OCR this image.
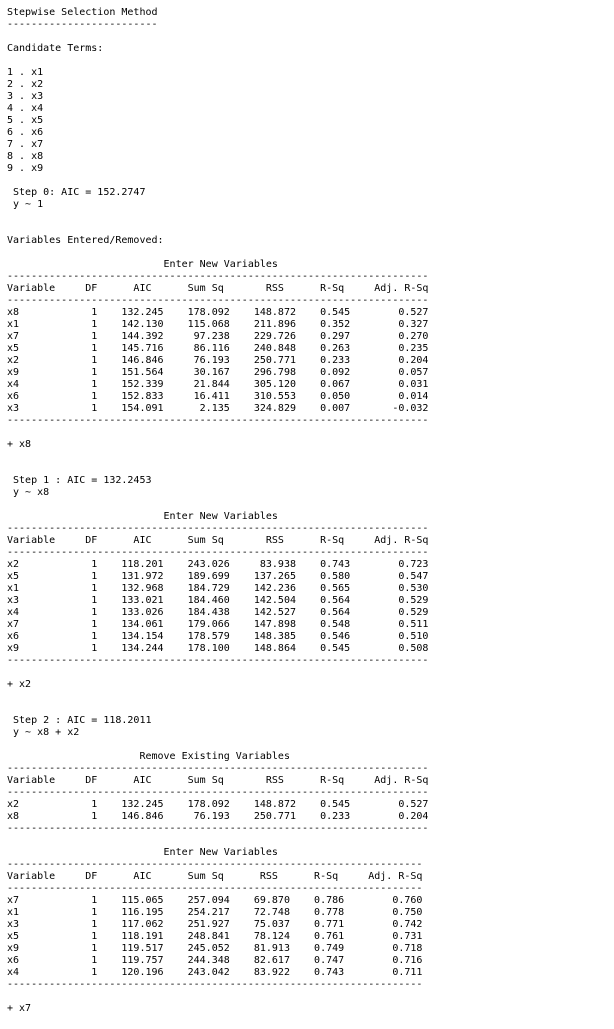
Stepwise Selection Method
-------------------------
Candidate Terms:
1 . x1
2 . x2
3 . x3
4 . x4
5 . x5
6 . x6
7 . x7
8 . x8
9 . x9
Step 0: AIC = 152.2747
y ~ 1
Variables Entered/Removed:
Enter New Variables
----------------------------------------------------------------------
Variable     DF      AIC      Sum Sq       RSS      R-Sq     Adj. R-Sq
----------------------------------------------------------------------
x8            1    132.245    178.092    148.872    0.545        0.527
x1            1    142.130    115.068    211.896    0.352        0.327
x7            1    144.392     97.238    229.726    0.297        0.270
x5            1    145.716     86.116    240.848    0.263        0.235
x2            1    146.846     76.193    250.771    0.233        0.204
x9            1    151.564     30.167    296.798    0.092        0.057
x4            1    152.339     21.844    305.120    0.067        0.031
x6            1    152.833     16.411    310.553    0.050        0.014
x3            1    154.091      2.135    324.829    0.007       -0.032
----------------------------------------------------------------------
+ x8
Step 1 : AIC = 132.2453
y ~ x8
Enter New Variables
----------------------------------------------------------------------
Variable     DF      AIC      Sum Sq       RSS      R-Sq     Adj. R-Sq
----------------------------------------------------------------------
x2            1    118.201    243.026     83.938    0.743        0.723
x5            1    131.972    189.699    137.265    0.580        0.547
x1            1    132.968    184.729    142.236    0.565        0.530
x3            1    133.021    184.460    142.504    0.564        0.529
x4            1    133.026    184.438    142.527    0.564        0.529
x7            1    134.061    179.066    147.898    0.548        0.511
x6            1    134.154    178.579    148.385    0.546        0.510
x9            1    134.244    178.100    148.864    0.545        0.508
----------------------------------------------------------------------
+ x2
Step 2 : AIC = 118.2011
y ~ x8 + x2
Remove Existing Variables
----------------------------------------------------------------------
Variable     DF      AIC      Sum Sq       RSS      R-Sq     Adj. R-Sq
----------------------------------------------------------------------
x2            1    132.245    178.092    148.872    0.545        0.527
x8            1    146.846     76.193    250.771    0.233        0.204
----------------------------------------------------------------------
Enter New Variables
---------------------------------------------------------------------
Variable     DF      AIC      Sum Sq      RSS      R-Sq     Adj. R-Sq
---------------------------------------------------------------------
x7            1    115.065    257.094    69.870    0.786        0.760
x1            1    116.195    254.217    72.748    0.778        0.750
x3            1    117.062    251.927    75.037    0.771        0.742
x5            1    118.191    248.841    78.124    0.761        0.731
x9            1    119.517    245.052    81.913    0.749        0.718
x6            1    119.757    244.348    82.617    0.747        0.716
x4            1    120.196    243.042    83.922    0.743        0.711
---------------------------------------------------------------------
+ x7
